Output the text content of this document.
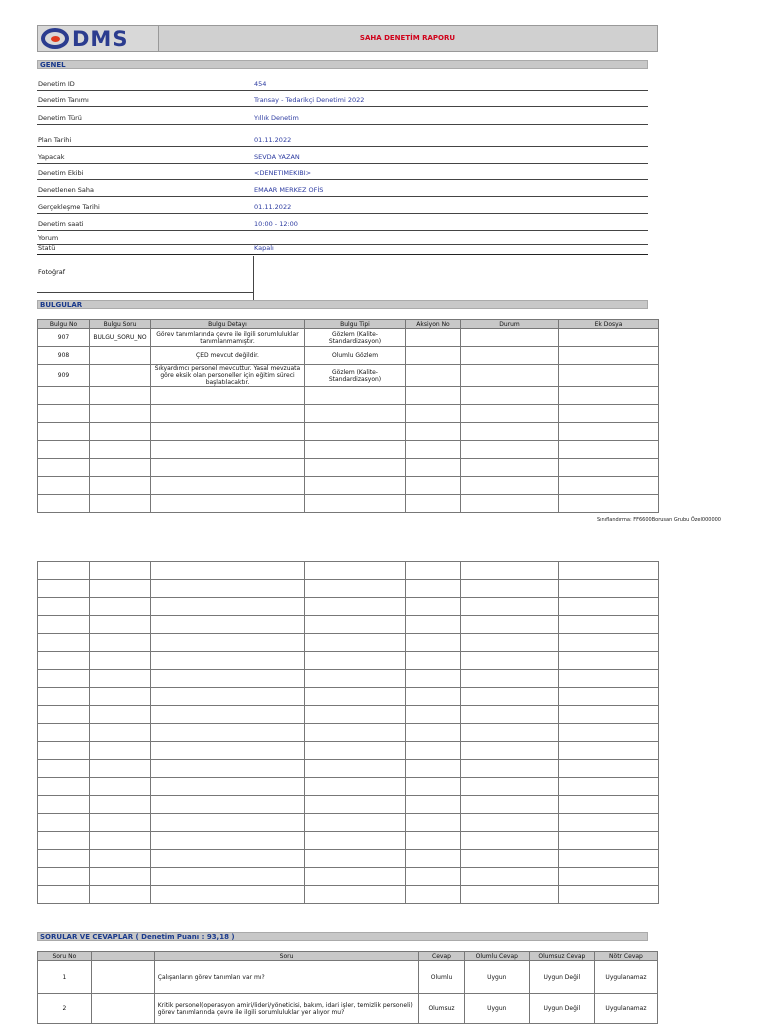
DMS	SAHA DENETİM RAPORU
GENEL
Denetim ID	454
Denetim Tanımı	Transay - Tedarikçi Denetimi 2022
Denetim Türü	Yıllık Denetim
Plan Tarihi	01.11.2022
Yapacak	SEVDA YAZAN
Denetim Ekibi	<DENETIMEKIBI>
Denetlenen Saha	EMAAR MERKEZ OFİS
Gerçekleşme Tarihi	01.11.2022
Denetim saati	10:00 - 12:00
Yorum
Statü	Kapalı
Fotoğraf
BULGULAR
Bulgu No	Bulgu Soru	Bulgu Detayı	Bulgu Tipi	Aksiyon No	Durum	Ek Dosya
907	BULGU_SORU_NO	Görev tanımlarında çevre ile ilgili sorumluluklar tanımlanmamıştır.	Gözlem (Kalite-Standardizasyon)			
908		ÇED mevcut değildir.	Olumlu Gözlem			
909		Sıkyardımcı personel mevcuttur. Yasal mevzuata göre eksik olan personeller için eğitim süreci başlatılacaktır.	Gözlem (Kalite-Standardizasyon)			

Sınıflandırma: FF6600Borusan Grubu Özel000000

SORULAR VE CEVAPLAR ( Denetim Puanı : 93,18 )
Soru No		Soru	Cevap	Olumlu Cevap	Olumsuz Cevap	Nötr Cevap
1		Çalışanların görev tanımları var mı?	Olumlu	Uygun	Uygun Değil	Uygulanamaz
2		Kritik personel(operasyon amiri/lideri/yöneticisi, bakım, idari işler, temizlik personeli) görev tanımlarında çevre ile ilgili sorumluluklar yer alıyor mu?	Olumsuz	Uygun	Uygun Değil	Uygulanamaz
